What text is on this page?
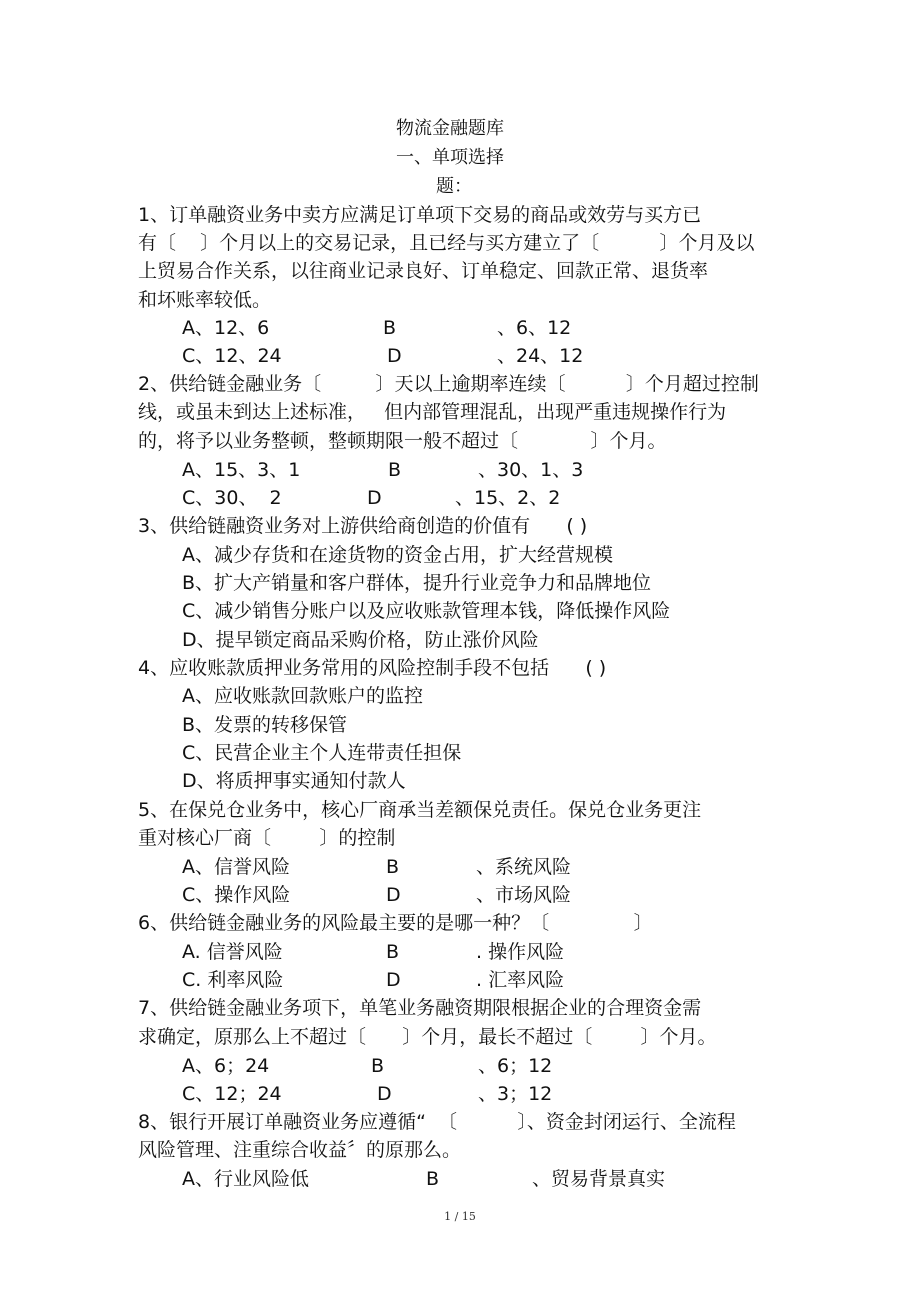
物流金融题库
一、单项选择
题：
1、订单融资业务中卖方应满足订单项下交易的商品或效劳与买方已
有〔    〕个月以上的交易记录，且已经与买方建立了〔          〕个月及以
上贸易合作关系，以往商业记录良好、订单稳定、回款正常、退货率
和坏账率较低。
A、12、6	B	、6、12
C、12、24	D	、24、12
2、供给链金融业务〔         〕天以上逾期率连续〔          〕个月超过控制
线，或虽未到达上述标准，   但内部管理混乱，出现严重违规操作行为
的，将予以业务整顿，整顿期限一般不超过〔            〕个月。
A、15、3、1	B	、30、1、3
C、30、  2	D	、15、2、2
3、供给链融资业务对上游供给商创造的价值有      ( )
A、减少存货和在途货物的资金占用，扩大经营规模
B、扩大产销量和客户群体，提升行业竞争力和品牌地位
C、减少销售分账户以及应收账款管理本钱，降低操作风险
D、提早锁定商品采购价格，防止涨价风险
4、应收账款质押业务常用的风险控制手段不包括      ( )
A、应收账款回款账户的监控
B、发票的转移保管
C、民营企业主个人连带责任担保
D、将质押事实通知付款人
5、在保兑仓业务中，核心厂商承当差额保兑责任。保兑仓业务更注
重对核心厂商〔        〕的控制
A、信誉风险	B	、系统风险
C、操作风险	D	、市场风险
6、供给链金融业务的风险最主要的是哪一种？〔              〕
A. 信誉风险	B	. 操作风险
C. 利率风险	D	. 汇率风险
7、供给链金融业务项下，单笔业务融资期限根据企业的合理资金需
求确定，原那么上不超过〔      〕个月，最长不超过〔        〕个月。
A、6；24	B	、6；12
C、12；24	D	、3；12
8、银行开展订单融资业务应遵循“  〔          〕、资金封闭运行、全流程
风险管理、注重综合收益〞的原那么。
A、行业风险低	B	、贸易背景真实
1 / 15
